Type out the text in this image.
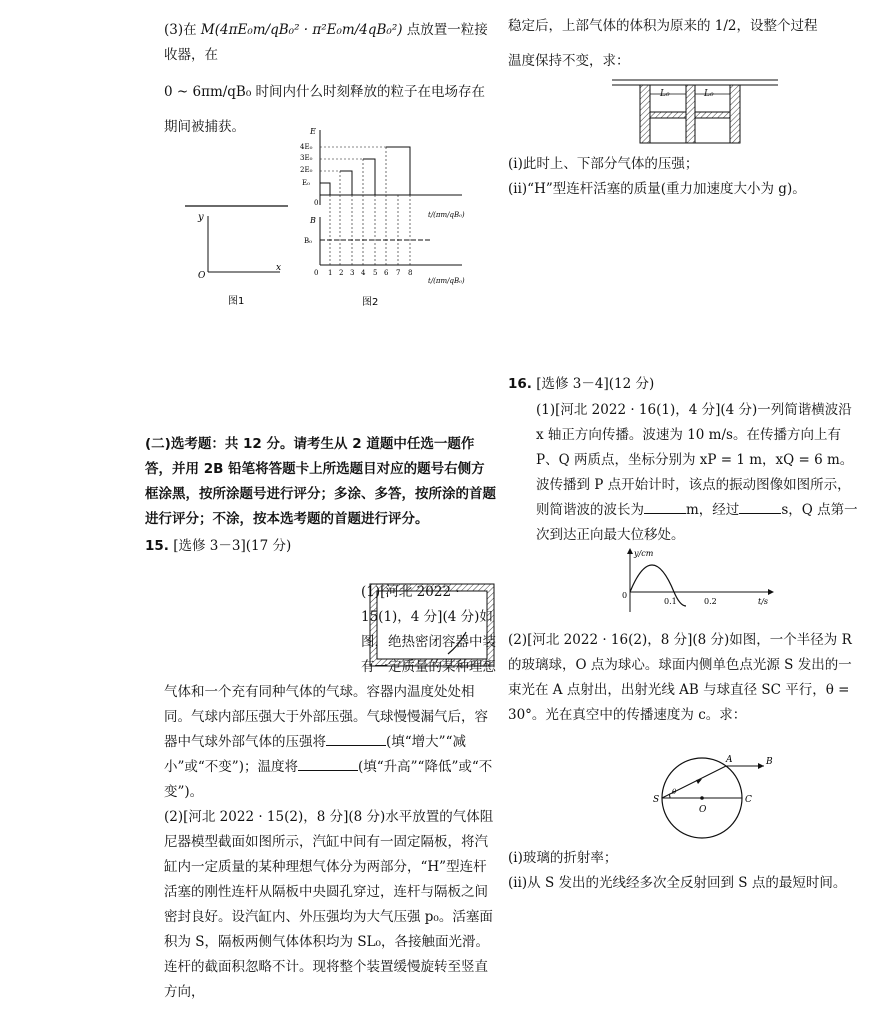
(3)在 M(4πE₀m/qB₀² · π²E₀m/4qB₀²) 点放置一粒接收器，在

0 ~ 6πm/qB₀ 时间内什么时刻释放的粒子在电场存在

期间被捕获。

y
x
O
图1
E
4E₀
3E₀
2E₀
E₀
0
t/(πm/qB₀)
B
B₀
0 1 2 3 4 5 6 7 8
t/(πm/qB₀)
图2

(二)选考题：共 12 分。请考生从 2 道题中任选一题作答，并用 2B 铅笔将答题卡上所选题目对应的题号右侧方框涂黑，按所涂题号进行评分；多涂、多答，按所涂的首题进行评分；不涂，按本选考题的首题进行评分。

15. [选修 3－3](17 分)

(1)[河北 2022 · 15(1)，4 分](4 分)如图，绝热密闭容器中装有一定质量的某种理想气体和一个充有同种气体的气球。容器内温度处处相同。气球内部压强大于外部压强。气球慢慢漏气后，容器中气球外部气体的压强将	(填“增大”“减小”或“不变”)；温度将	(填“升高”“降低”或“不变”)。

(2)[河北 2022 · 15(2)，8 分](8 分)水平放置的气体阻尼器模型截面如图所示，汽缸中间有一固定隔板，将汽缸内一定质量的某种理想气体分为两部分，“H”型连杆活塞的刚性连杆从隔板中央圆孔穿过，连杆与隔板之间密封良好。设汽缸内、外压强均为大气压强 p₀。活塞面积为 S，隔板两侧气体体积均为 SL₀，各接触面光滑。连杆的截面积忽略不计。现将整个装置缓慢旋转至竖直方向，

稳定后，上部气体的体积为原来的 1/2，设整个过程

温度保持不变，求：

L₀	L₀

(ⅰ)此时上、下部分气体的压强；

(ⅱ)“H”型连杆活塞的质量(重力加速度大小为 g)。

16. [选修 3－4](12 分)

(1)[河北 2022 · 16(1)，4 分](4 分)一列简谐横波沿 x 轴正方向传播。波速为 10 m/s。在传播方向上有 P、Q 两质点，坐标分别为 xP = 1 m，xQ = 6 m。波传播到 P 点开始计时，该点的振动图像如图所示，则简谐波的波长为	m，经过	s，Q 点第一次到达正向最大位移处。

y/cm
t/s
0
0.1	0.2

(2)[河北 2022 · 16(2)，8 分](8 分)如图，一个半径为 R 的玻璃球，O 点为球心。球面内侧单色点光源 S 发出的一束光在 A 点射出，出射光线 AB 与球直径 SC 平行，θ = 30°。光在真空中的传播速度为 c。求：

S
O
C
A	B
θ

(ⅰ)玻璃的折射率；

(ⅱ)从 S 发出的光线经多次全反射回到 S 点的最短时间。
